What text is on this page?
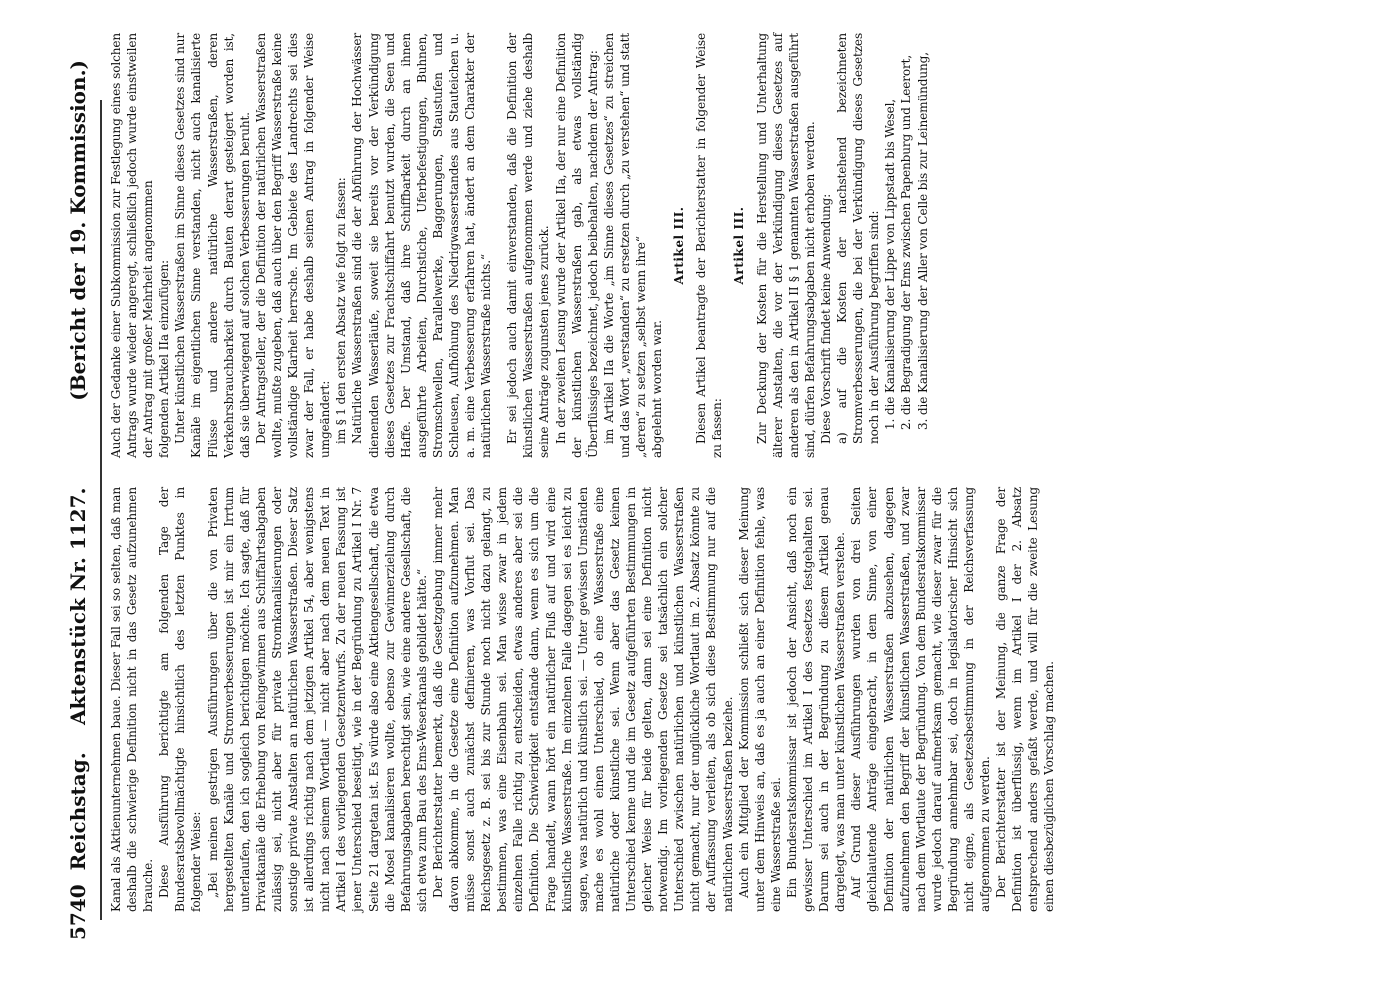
5740  Reichstag.
Aktenstück Nr. 1127.
(Bericht der 19. Kommission.)

Kanal als Aktienunternehmen baue. Dieser Fall sei so selten, daß man deshalb die schwierige Definition nicht in das Gesetz aufzunehmen brauche. Diese Ausführung berichtigte am folgenden Tage der Bundesratsbevollmächtigte hinsichtlich des letzten Punktes in folgender Weise: „Bei meinen gestrigen Ausführungen über die von Privaten hergestellten Kanäle und Stromverbesserungen ist mir ein Irrtum unterlaufen, den ich sogleich berichtigen möchte. Ich sagte, daß für Privatkanäle die Erhebung von Reingewinnen aus Schiffahrtsabgaben zulässig sei, nicht aber für private Stromkanalisierungen oder sonstige private Anstalten an natürlichen Wasserstraßen. Dieser Satz ist allerdings richtig nach dem jetzigen Artikel 54, aber wenigstens nicht nach seinem Wortlaut — nicht aber nach dem neuen Text in Artikel I des vorliegenden Gesetzentwurfs. Zu der neuen Fassung ist jener Unterschied beseitigt, wie in der Begründung zu Artikel I Nr. 7 Seite 21 dargetan ist. Es würde also eine Aktiengesellschaft, die etwa die Mosel kanalisieren wollte, ebenso zur Gewinnerzielung durch Befahrungsabgaben berechtigt sein, wie eine andere Gesellschaft, die sich etwa zum Bau des Ems-Weserkanals gebildet hätte.“ Der Berichterstatter bemerkt, daß die Gesetzgebung immer mehr davon abkomme, in die Gesetze eine Definition aufzunehmen. Man müsse sonst auch zunächst definieren, was Vorflut sei. Das Reichsgesetz z. B. sei bis zur Stunde noch nicht dazu gelangt, zu bestimmen, was eine Eisenbahn sei. Man wisse zwar in jedem einzelnen Falle richtig zu entscheiden, etwas anderes aber sei die Definition. Die Schwierigkeit entstände dann, wenn es sich um die Frage handelt, wann hört ein natürlicher Fluß auf und wird eine künstliche Wasserstraße. Im einzelnen Falle dagegen sei es leicht zu sagen, was natürlich und künstlich sei. — Unter gewissen Umständen mache es wohl einen Unterschied, ob eine Wasserstraße eine natürliche oder künstliche sei. Wenn aber das Gesetz keinen Unterschied kenne und die im Gesetz aufgeführten Bestimmungen in gleicher Weise für beide gelten, dann sei eine Definition nicht notwendig. Im vorliegenden Gesetze sei tatsächlich ein solcher Unterschied zwischen natürlichen und künstlichen Wasserstraßen nicht gemacht, nur der unglückliche Wortlaut im 2. Absatz könnte zu der Auffassung verleiten, als ob sich diese Bestimmung nur auf die natürlichen Wasserstraßen beziehe. Auch ein Mitglied der Kommission schließt sich dieser Meinung unter dem Hinweis an, daß es ja auch an einer Definition fehle, was eine Wasserstraße sei. Ein Bundesratskommissar ist jedoch der Ansicht, daß noch ein gewisser Unterschied im Artikel I des Gesetzes festgehalten sei. Darum sei auch in der Begründung zu diesem Artikel genau dargelegt, was man unter künstlichen Wasserstraßen verstehe. Auf Grund dieser Ausführungen wurden von drei Seiten gleichlautende Anträge eingebracht, in dem Sinne, von einer Definition der natürlichen Wasserstraßen abzusehen, dagegen aufzunehmen den Begriff der künstlichen Wasserstraßen, und zwar nach dem Wortlaute der Begründung. Von dem Bundesratskommissar wurde jedoch darauf aufmerksam gemacht, wie dieser zwar für die Begründung annehmbar sei, doch in legislatorischer Hinsicht sich nicht eigne, als Gesetzesbestimmung in der Reichsverfassung aufgenommen zu werden. Der Berichterstatter ist der Meinung, die ganze Frage der Definition ist überflüssig, wenn im Artikel I der 2. Absatz entsprechend anders gefaßt werde, und will für die zweite Lesung einen diesbezüglichen Vorschlag machen.

Auch der Gedanke einer Subkommission zur Festlegung eines solchen Antrags wurde wieder angeregt, schließlich jedoch wurde einstweilen der Antrag mit großer Mehrheit angenommen folgenden Artikel IIa einzufügen: Unter künstlichen Wasserstraßen im Sinne dieses Gesetzes sind nur Kanäle im eigentlichen Sinne verstanden, nicht auch kanalisierte Flüsse und andere natürliche Wasserstraßen, deren Verkehrsbrauchbarkeit durch Bauten derart gesteigert worden ist, daß sie überwiegend auf solchen Verbesserungen beruht. Der Antragsteller, der die Definition der natürlichen Wasserstraßen wollte, mußte zugeben, daß auch über den Begriff Wasserstraße keine vollständige Klarheit herrsche. Im Gebiete des Landrechts sei dies zwar der Fall, er habe deshalb seinen Antrag in folgender Weise umgeändert: im § 1 den ersten Absatz wie folgt zu fassen: Natürliche Wasserstraßen sind die der Abführung der Hochwässer dienenden Wasserläufe, soweit sie bereits vor der Verkündigung dieses Gesetzes zur Frachtschiffahrt benutzt wurden, die Seen und Haffe. Der Umstand, daß ihre Schiffbarkeit durch an ihnen ausgeführte Arbeiten, Durchstiche, Uferbefestigungen, Buhnen, Stromschwellen, Parallelwerke, Baggerungen, Staustufen und Schleusen, Aufhöhung des Niedrigwasserstandes aus Stauteichen u. a. m. eine Verbesserung erfahren hat, ändert an dem Charakter der natürlichen Wasserstraße nichts.“ Er sei jedoch auch damit einverstanden, daß die Definition der künstlichen Wasserstraßen aufgenommen werde und ziehe deshalb seine Anträge zugunsten jenes zurück. In der zweiten Lesung wurde der Artikel IIa, der nur eine Definition der künstlichen Wasserstraßen gab, als etwas vollständig Überflüssiges bezeichnet, jedoch beibehalten, nachdem der Antrag: im Artikel IIa die Worte „im Sinne dieses Gesetzes“ zu streichen und das Wort „verstanden“ zu ersetzen durch „zu verstehen“ und statt „deren“ zu setzen „selbst wenn ihre“ abgelehnt worden war.

Artikel III. Diesen Artikel beantragte der Berichterstatter in folgender Weise zu fassen:

Artikel III. Zur Deckung der Kosten für die Herstellung und Unterhaltung älterer Anstalten, die vor der Verkündigung dieses Gesetzes auf anderen als den in Artikel II § 1 genannten Wasserstraßen ausgeführt sind, dürfen Befahrungsabgaben nicht erhoben werden. Diese Vorschrift findet keine Anwendung: a) auf die Kosten der nachstehend bezeichneten Stromverbesserungen, die bei der Verkündigung dieses Gesetzes noch in der Ausführung begriffen sind: 1. die Kanalisierung der Lippe von Lippstadt bis Wesel, 2. die Begradigung der Ems zwischen Papenburg und Leerort, 3. die Kanalisierung der Aller von Celle bis zur Leinemündung,
